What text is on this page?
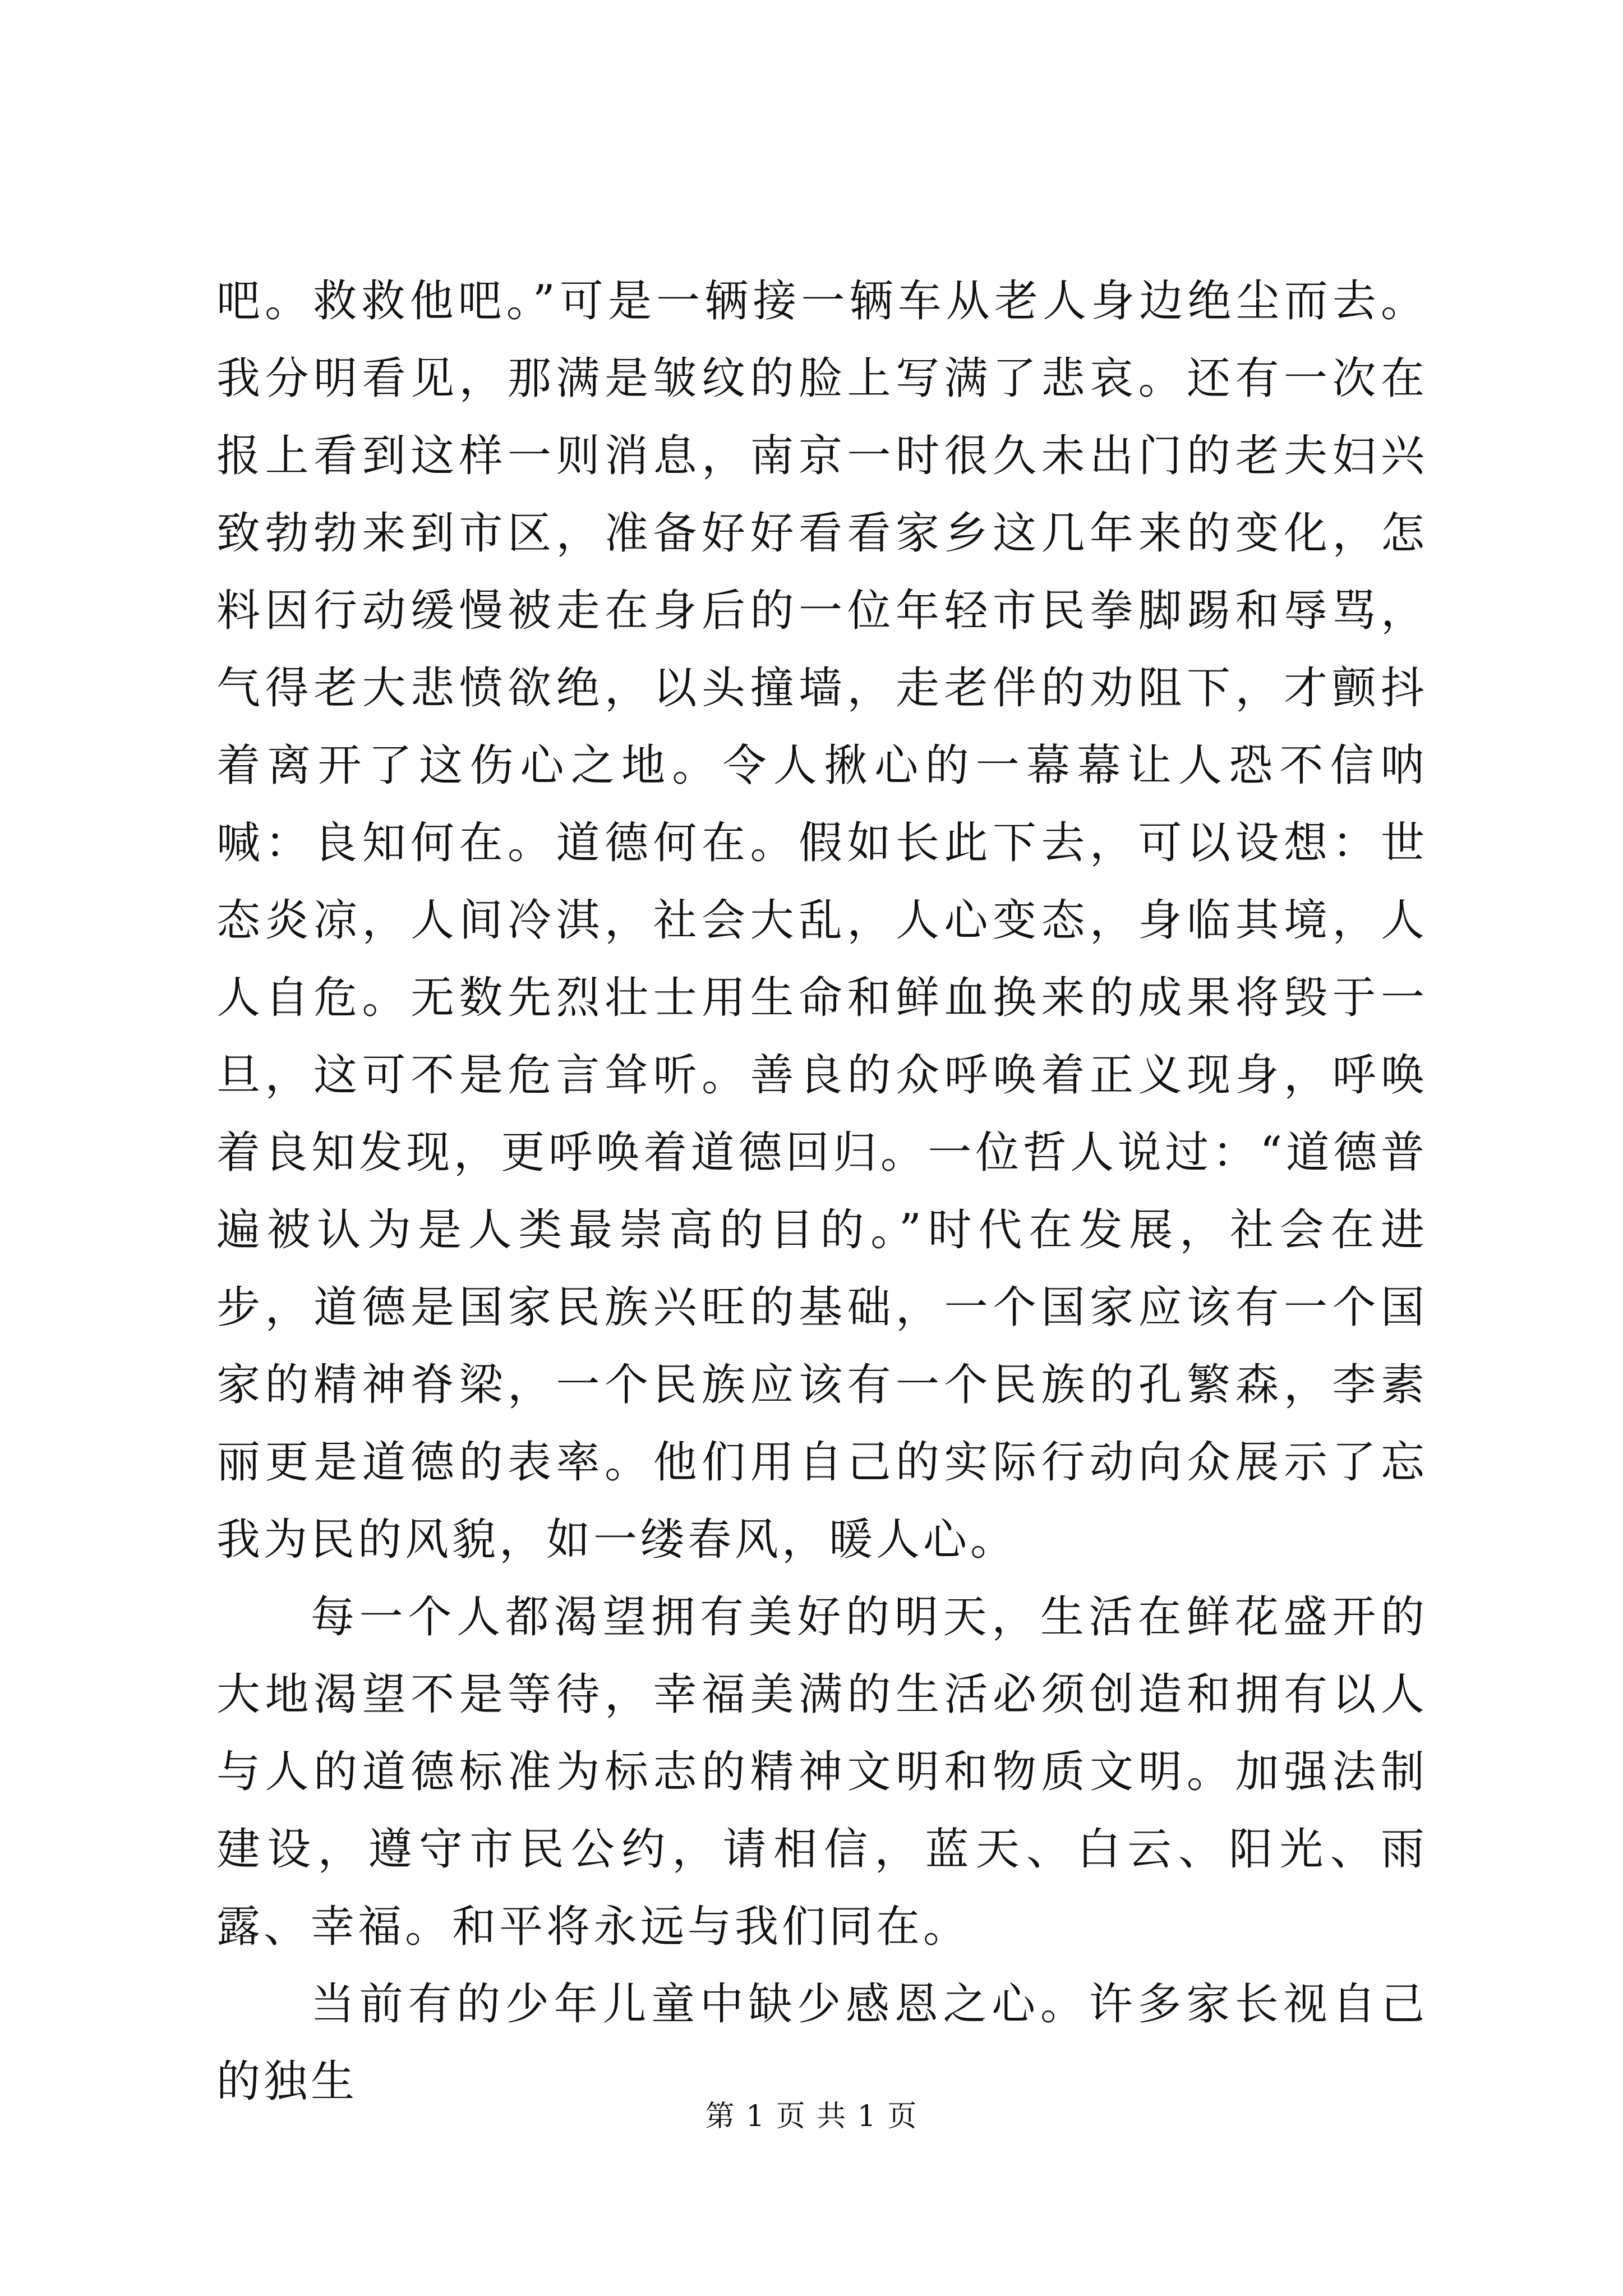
吧。救救他吧。”可是一辆接一辆车从老人身边绝尘而去。我分明看见，那满是皱纹的脸上写满了悲哀。还有一次在报上看到这样一则消息，南京一时很久未出门的老夫妇兴致勃勃来到市区，准备好好看看家乡这几年来的变化，怎料因行动缓慢被走在身后的一位年轻市民拳脚踢和辱骂，气得老大悲愤欲绝，以头撞墙，走老伴的劝阻下，才颤抖着离开了这伤心之地。令人揪心的一幕幕让人恐不信呐喊：良知何在。道德何在。假如长此下去，可以设想：世态炎凉，人间冷淇，社会大乱，人心变态，身临其境，人人自危。无数先烈壮士用生命和鲜血换来的成果将毁于一旦，这可不是危言耸听。善良的众呼唤着正义现身，呼唤着良知发现，更呼唤着道德回归。一位哲人说过：“道德普遍被认为是人类最崇高的目的。”时代在发展，社会在进步，道德是国家民族兴旺的基础，一个国家应该有一个国家的精神脊梁，一个民族应该有一个民族的孔繁森，李素丽更是道德的表率。他们用自己的实际行动向众展示了忘我为民的风貌，如一缕春风，暖人心。

每一个人都渴望拥有美好的明天，生活在鲜花盛开的大地渴望不是等待，幸福美满的生活必须创造和拥有以人与人的道德标准为标志的精神文明和物质文明。加强法制建设，遵守市民公约，请相信，蓝天、白云、阳光、雨露、幸福。和平将永远与我们同在。

当前有的少年儿童中缺少感恩之心。许多家长视自己的独生

第 1 页 共 1 页
